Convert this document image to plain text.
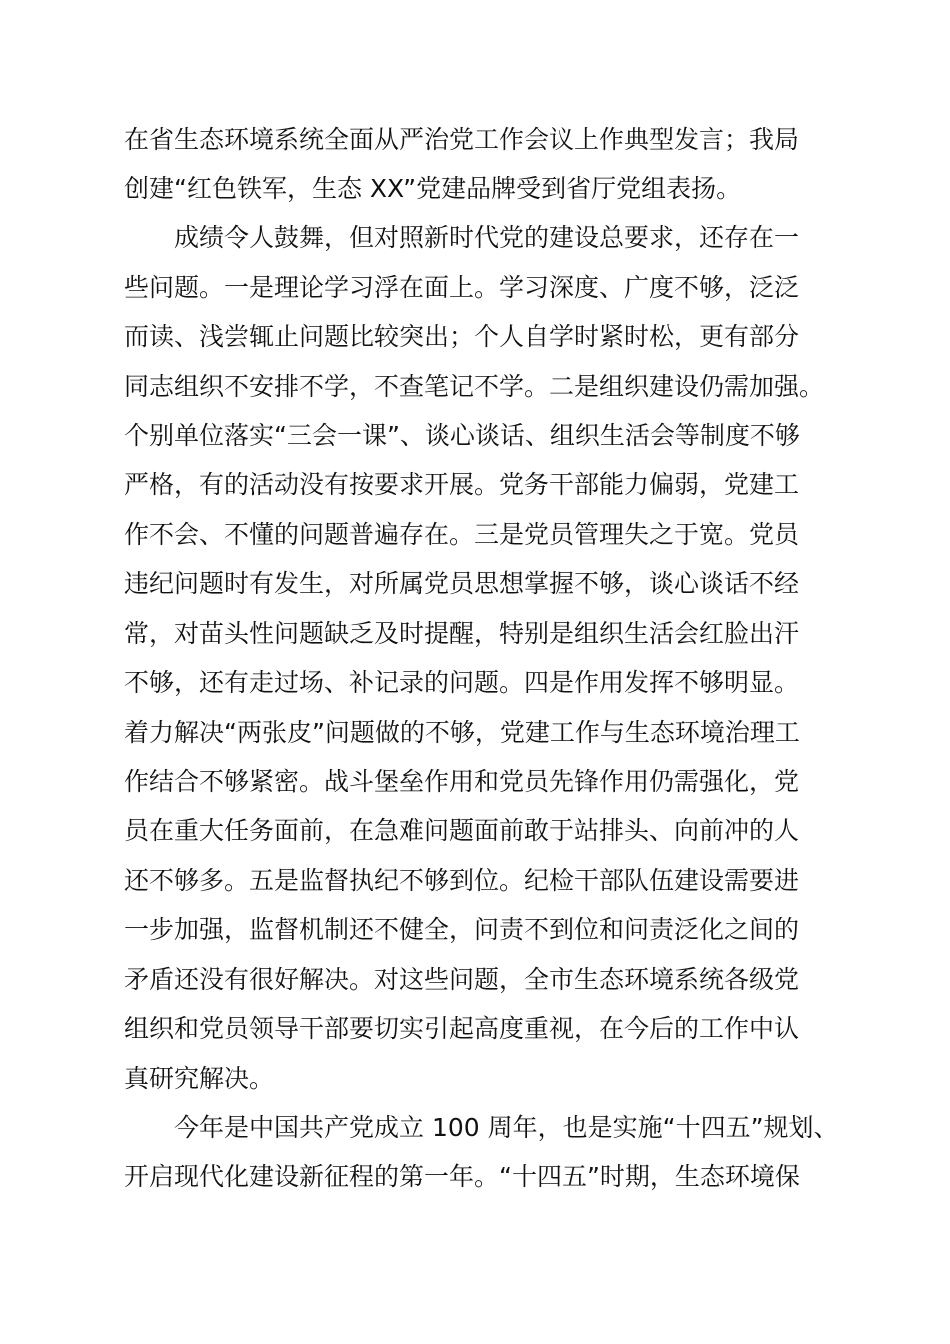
在省生态环境系统全面从严治党工作会议上作典型发言；我局
创建“红色铁军，生态 XX”党建品牌受到省厅党组表扬。
成绩令人鼓舞，但对照新时代党的建设总要求，还存在一
些问题。一是理论学习浮在面上。学习深度、广度不够，泛泛
而读、浅尝辄止问题比较突出；个人自学时紧时松，更有部分
同志组织不安排不学，不查笔记不学。二是组织建设仍需加强。
个别单位落实“三会一课”、谈心谈话、组织生活会等制度不够
严格，有的活动没有按要求开展。党务干部能力偏弱，党建工
作不会、不懂的问题普遍存在。三是党员管理失之于宽。党员
违纪问题时有发生，对所属党员思想掌握不够，谈心谈话不经
常，对苗头性问题缺乏及时提醒，特别是组织生活会红脸出汗
不够，还有走过场、补记录的问题。四是作用发挥不够明显。
着力解决“两张皮”问题做的不够，党建工作与生态环境治理工
作结合不够紧密。战斗堡垒作用和党员先锋作用仍需强化，党
员在重大任务面前，在急难问题面前敢于站排头、向前冲的人
还不够多。五是监督执纪不够到位。纪检干部队伍建设需要进
一步加强，监督机制还不健全，问责不到位和问责泛化之间的
矛盾还没有很好解决。对这些问题，全市生态环境系统各级党
组织和党员领导干部要切实引起高度重视，在今后的工作中认
真研究解决。
今年是中国共产党成立 100 周年，也是实施“十四五”规划、
开启现代化建设新征程的第一年。“十四五”时期，生态环境保
